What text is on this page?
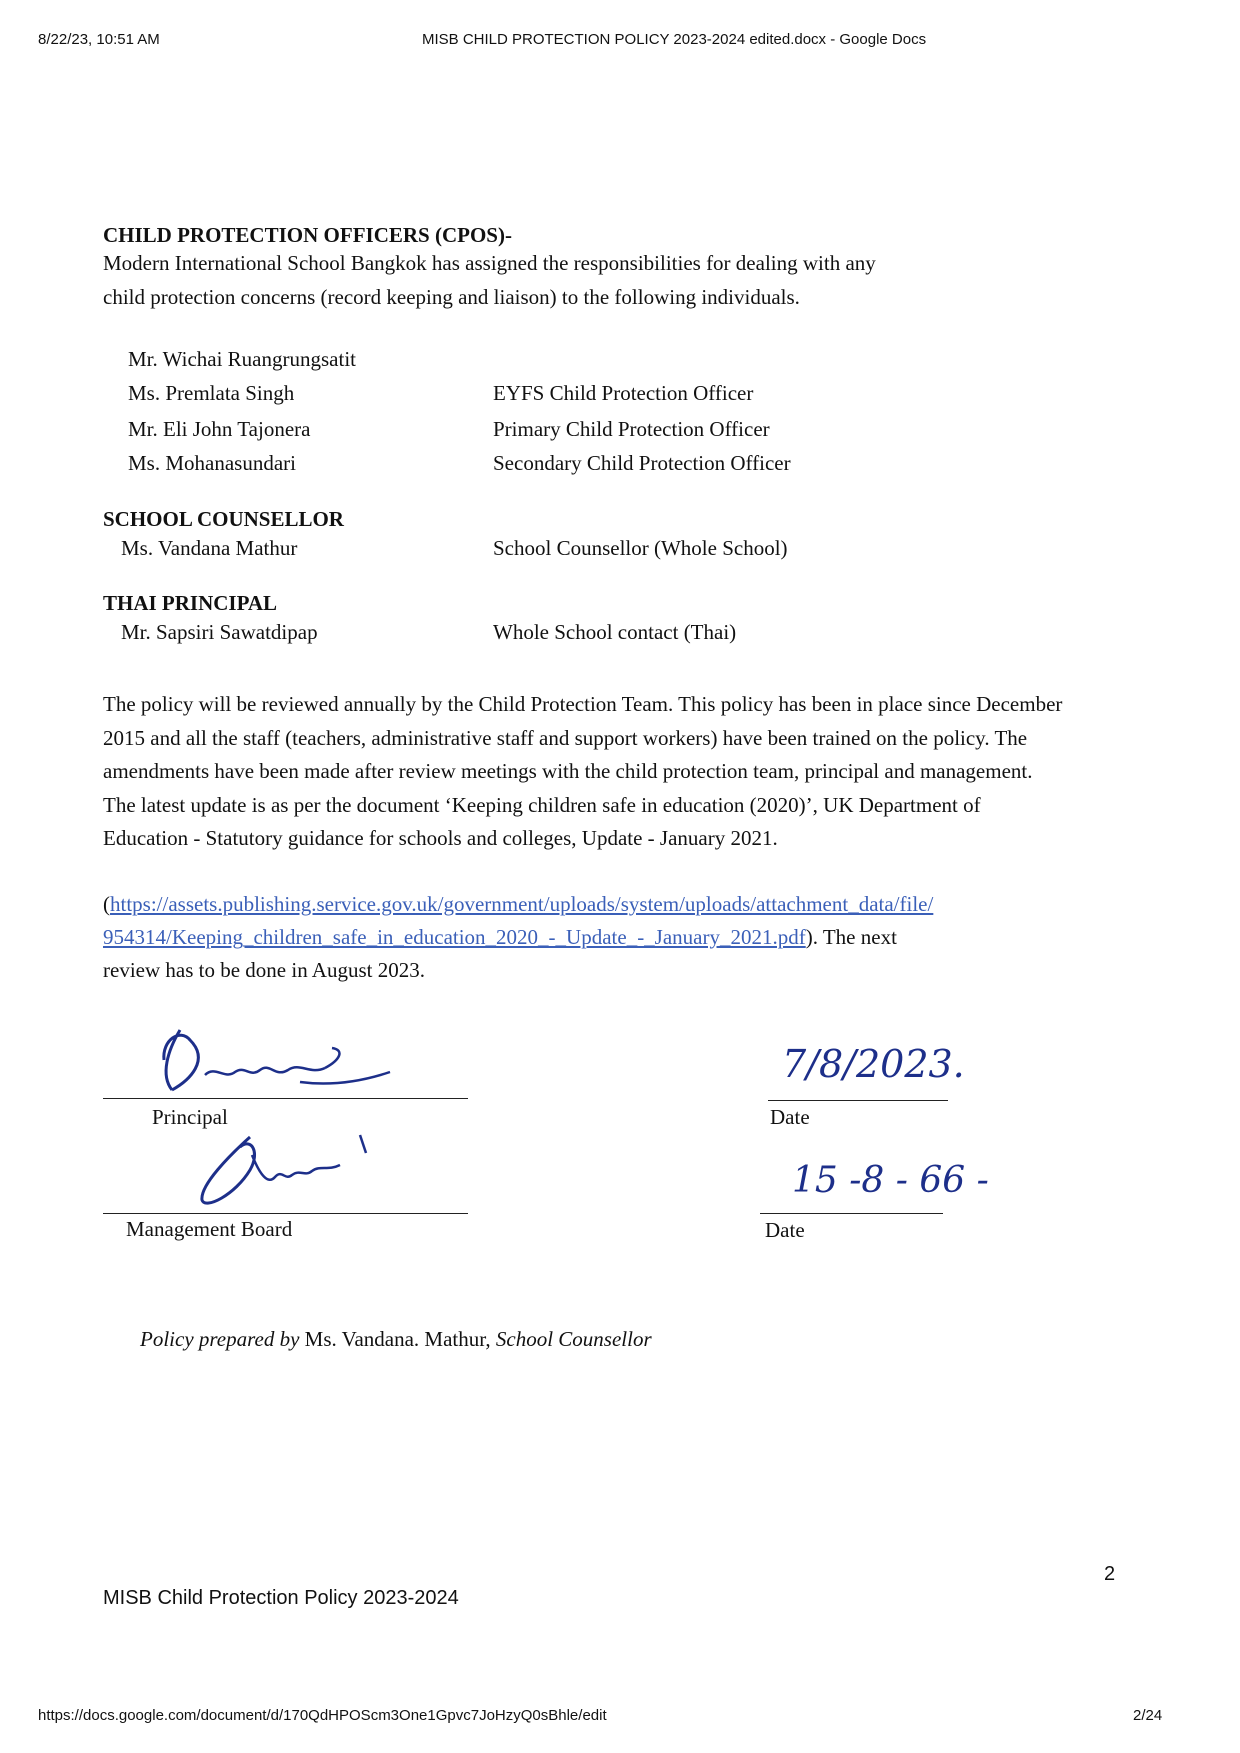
8/22/23, 10:51 AM	MISB CHILD PROTECTION POLICY 2023-2024 edited.docx - Google Docs
CHILD PROTECTION OFFICERS (CPOS)-
Modern International School Bangkok has assigned the responsibilities for dealing with any
child protection concerns (record keeping and liaison) to the following individuals.
Mr. Wichai Ruangrungsatit
Ms. Premlata Singh	EYFS Child Protection Officer
Mr. Eli John Tajonera	Primary Child Protection Officer
Ms. Mohanasundari	Secondary Child Protection Officer
SCHOOL COUNSELLOR
Ms. Vandana Mathur	School Counsellor (Whole School)
THAI PRINCIPAL
Mr. Sapsiri Sawatdipap	Whole School contact (Thai)
The policy will be reviewed annually by the Child Protection Team. This policy has been in place since December 2015 and all the staff (teachers, administrative staff and support workers) have been trained on the policy. The amendments have been made after review meetings with the child protection team, principal and management. The latest update is as per the document ‘Keeping children safe in education (2020)’, UK Department of Education - Statutory guidance for schools and colleges, Update - January 2021.
(https://assets.publishing.service.gov.uk/government/uploads/system/uploads/attachment_data/file/
954314/Keeping_children_safe_in_education_2020_-_Update_-_January_2021.pdf). The next
review has to be done in August 2023.
Principal
Management Board
7/8/2023.
Date
15 -8 - 66 -
Date
Policy prepared by Ms. Vandana. Mathur, School Counsellor
MISB Child Protection Policy 2023-2024
2
https://docs.google.com/document/d/170QdHPOScm3One1Gpvc7JoHzyQ0sBhle/edit	2/24
